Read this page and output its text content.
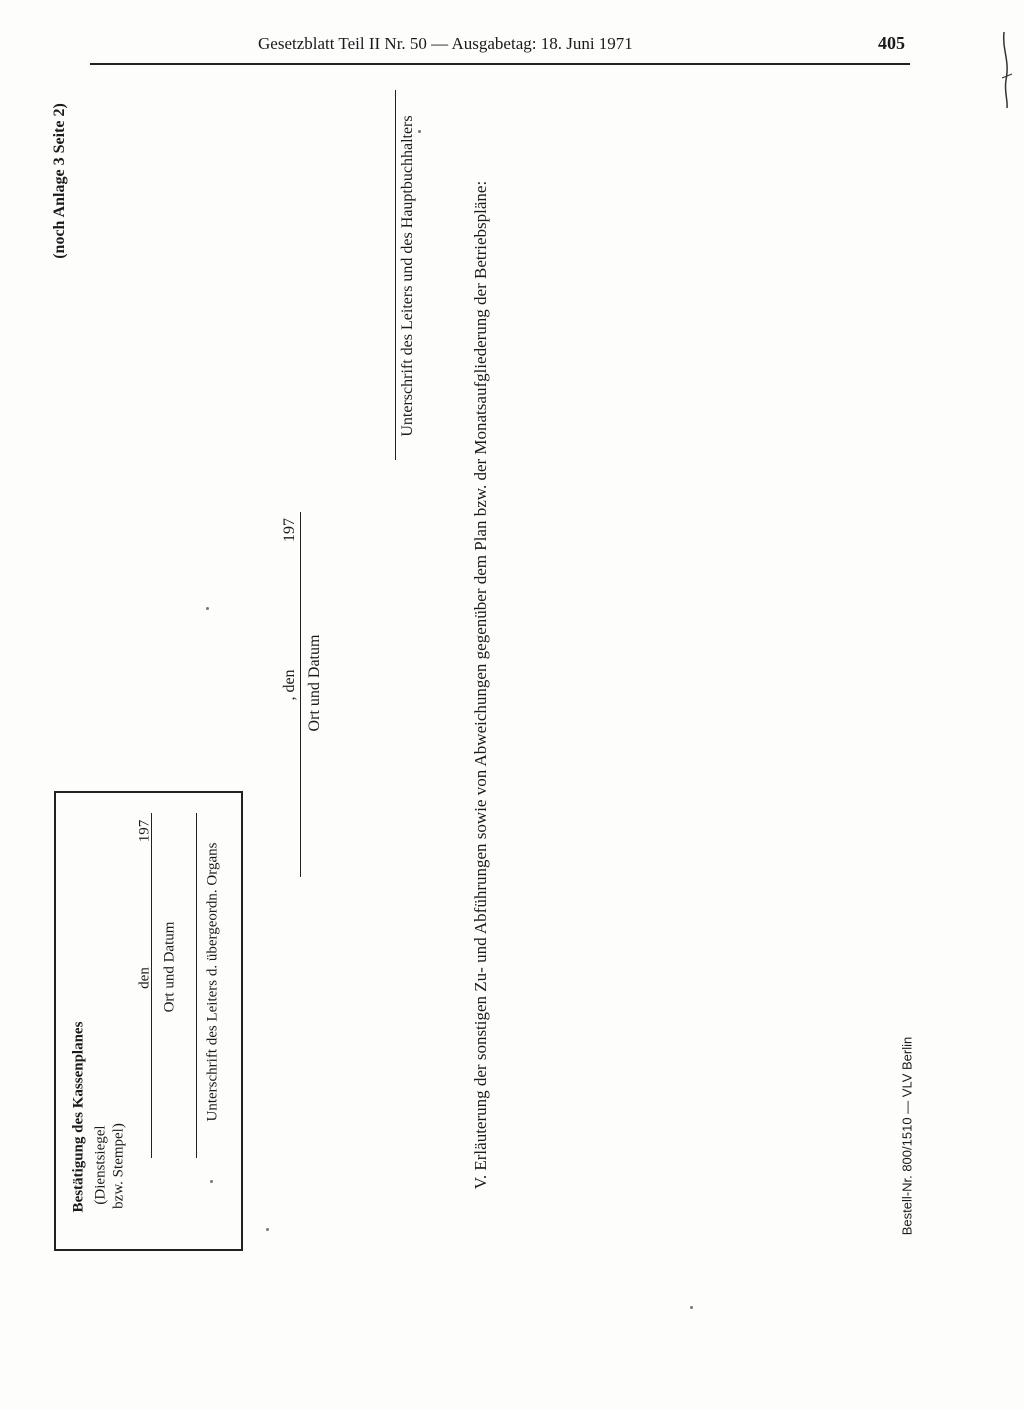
Gesetzblatt Teil II Nr. 50 — Ausgabetag: 18. Juni 1971	405
(noch Anlage 3 Seite 2)
Bestätigung des Kassenplanes (Dienstsiegel bzw. Stempel)
den
197
Ort und Datum Unterschrift des Leiters d. übergeordn. Organs
, den
197
Ort und Datum
Unterschrift des Leiters und des Hauptbuchhalters	V. Erläuterung der sonstigen Zu- und Abführungen sowie von Abweichungen gegenüber dem Plan bzw. der Monatsaufgliederung der Betriebspläne:	Bestell-Nr. 800/1510 — VLV Berlin
